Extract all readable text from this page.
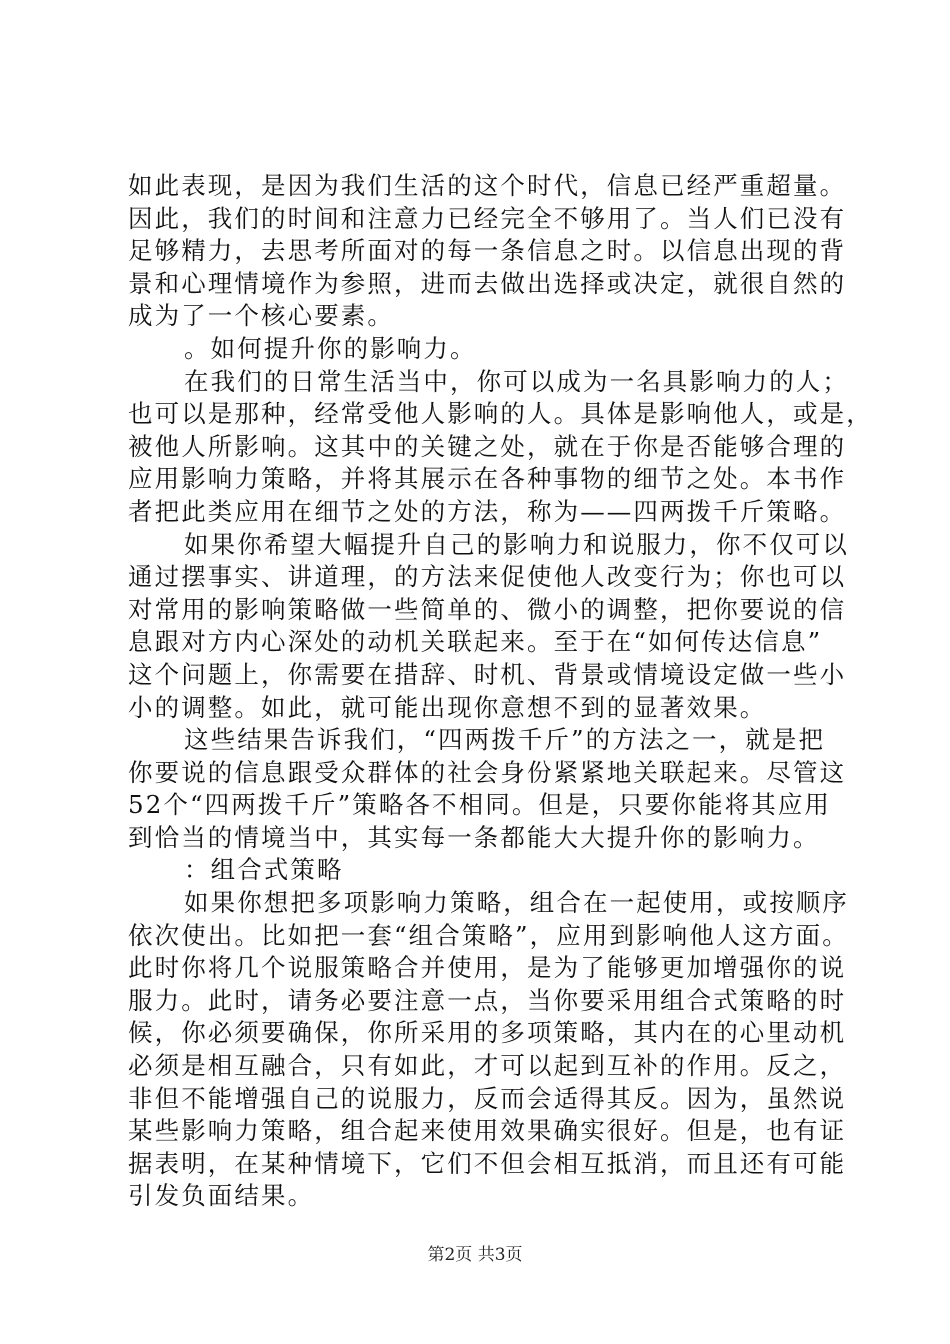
如此表现，是因为我们生活的这个时代，信息已经严重超量。
因此，我们的时间和注意力已经完全不够用了。当人们已没有
足够精力，去思考所面对的每一条信息之时。以信息出现的背
景和心理情境作为参照，进而去做出选择或决定，就很自然的
成为了一个核心要素。
。如何提升你的影响力。
在我们的日常生活当中，你可以成为一名具影响力的人；
也可以是那种，经常受他人影响的人。具体是影响他人，或是，
被他人所影响。这其中的关键之处，就在于你是否能够合理的
应用影响力策略，并将其展示在各种事物的细节之处。本书作
者把此类应用在细节之处的方法，称为——四两拨千斤策略。
如果你希望大幅提升自己的影响力和说服力，你不仅可以
通过摆事实、讲道理，的方法来促使他人改变行为；你也可以
对常用的影响策略做一些简单的、微小的调整，把你要说的信
息跟对方内心深处的动机关联起来。至于在“如何传达信息”
这个问题上，你需要在措辞、时机、背景或情境设定做一些小
小的调整。如此，就可能出现你意想不到的显著效果。
这些结果告诉我们，“四两拨千斤”的方法之一，就是把
你要说的信息跟受众群体的社会身份紧紧地关联起来。尽管这
52个“四两拨千斤”策略各不相同。但是，只要你能将其应用
到恰当的情境当中，其实每一条都能大大提升你的影响力。
：组合式策略
如果你想把多项影响力策略，组合在一起使用，或按顺序
依次使出。比如把一套“组合策略”，应用到影响他人这方面。
此时你将几个说服策略合并使用，是为了能够更加增强你的说
服力。此时，请务必要注意一点，当你要采用组合式策略的时
候，你必须要确保，你所采用的多项策略，其内在的心里动机
必须是相互融合，只有如此，才可以起到互补的作用。反之，
非但不能增强自己的说服力，反而会适得其反。因为，虽然说
某些影响力策略，组合起来使用效果确实很好。但是，也有证
据表明，在某种情境下，它们不但会相互抵消，而且还有可能
引发负面结果。
第2页 共3页
